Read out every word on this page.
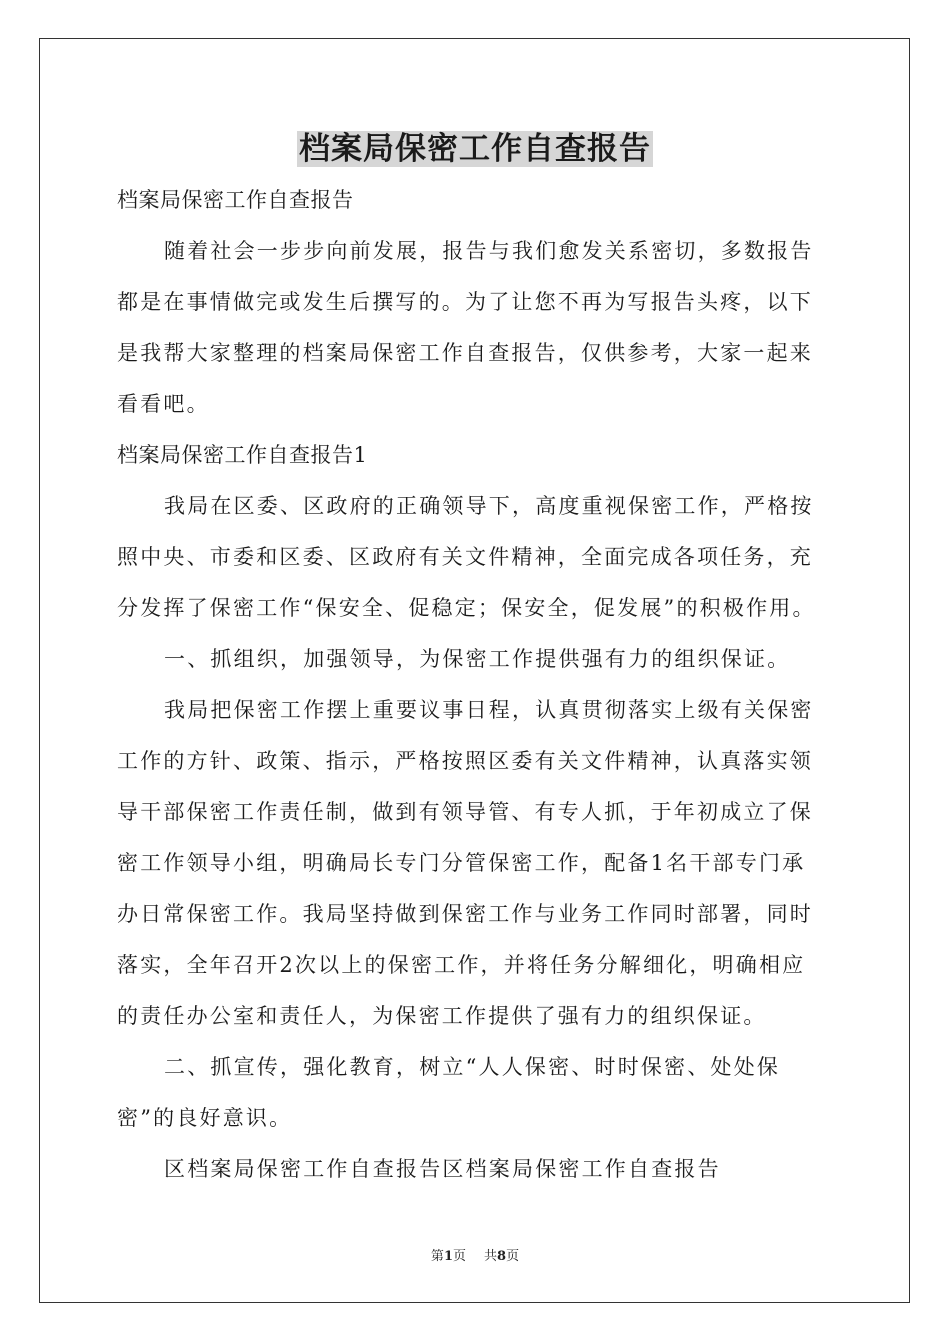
档案局保密工作自查报告
档案局保密工作自查报告
随着社会一步步向前发展，报告与我们愈发关系密切，多数报告
都是在事情做完或发生后撰写的。为了让您不再为写报告头疼，以下
是我帮大家整理的档案局保密工作自查报告，仅供参考，大家一起来
看看吧。
档案局保密工作自查报告1
我局在区委、区政府的正确领导下，高度重视保密工作，严格按
照中央、市委和区委、区政府有关文件精神，全面完成各项任务，充
分发挥了保密工作“保安全、促稳定；保安全，促发展”的积极作用。
一、抓组织，加强领导，为保密工作提供强有力的组织保证。
我局把保密工作摆上重要议事日程，认真贯彻落实上级有关保密
工作的方针、政策、指示，严格按照区委有关文件精神，认真落实领
导干部保密工作责任制，做到有领导管、有专人抓，于年初成立了保
密工作领导小组，明确局长专门分管保密工作，配备1名干部专门承
办日常保密工作。我局坚持做到保密工作与业务工作同时部署，同时
落实，全年召开2次以上的保密工作，并将任务分解细化，明确相应
的责任办公室和责任人，为保密工作提供了强有力的组织保证。
二、抓宣传，强化教育，树立“人人保密、时时保密、处处保
密”的良好意识。
区档案局保密工作自查报告区档案局保密工作自查报告
第1页 共8页
